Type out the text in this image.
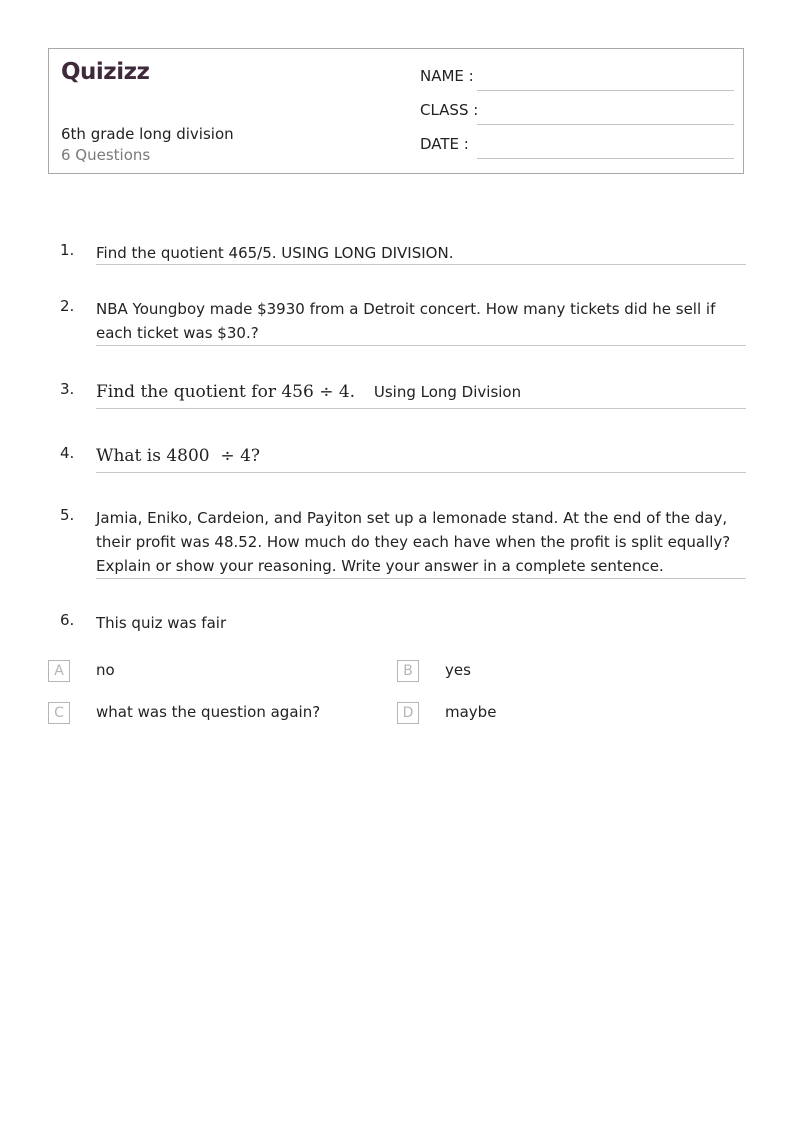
Quizizz
6th grade long division
6 Questions
NAME :
CLASS :
DATE :
1. Find the quotient 465/5. USING LONG DIVISION.
2. NBA Youngboy made $3930 from a Detroit concert. How many tickets did he sell if each ticket was $30.?
3. Find the quotient for 456 ÷ 4. Using Long Division
4. What is 4800  ÷ 4?
5. Jamia, Eniko, Cardeion, and Payiton set up a lemonade stand. At the end of the day, their profit was 48.52. How much do they each have when the profit is split equally? Explain or show your reasoning. Write your answer in a complete sentence.
6. This quiz was fair
A	no	B	yes
C	what was the question again?	D	maybe
